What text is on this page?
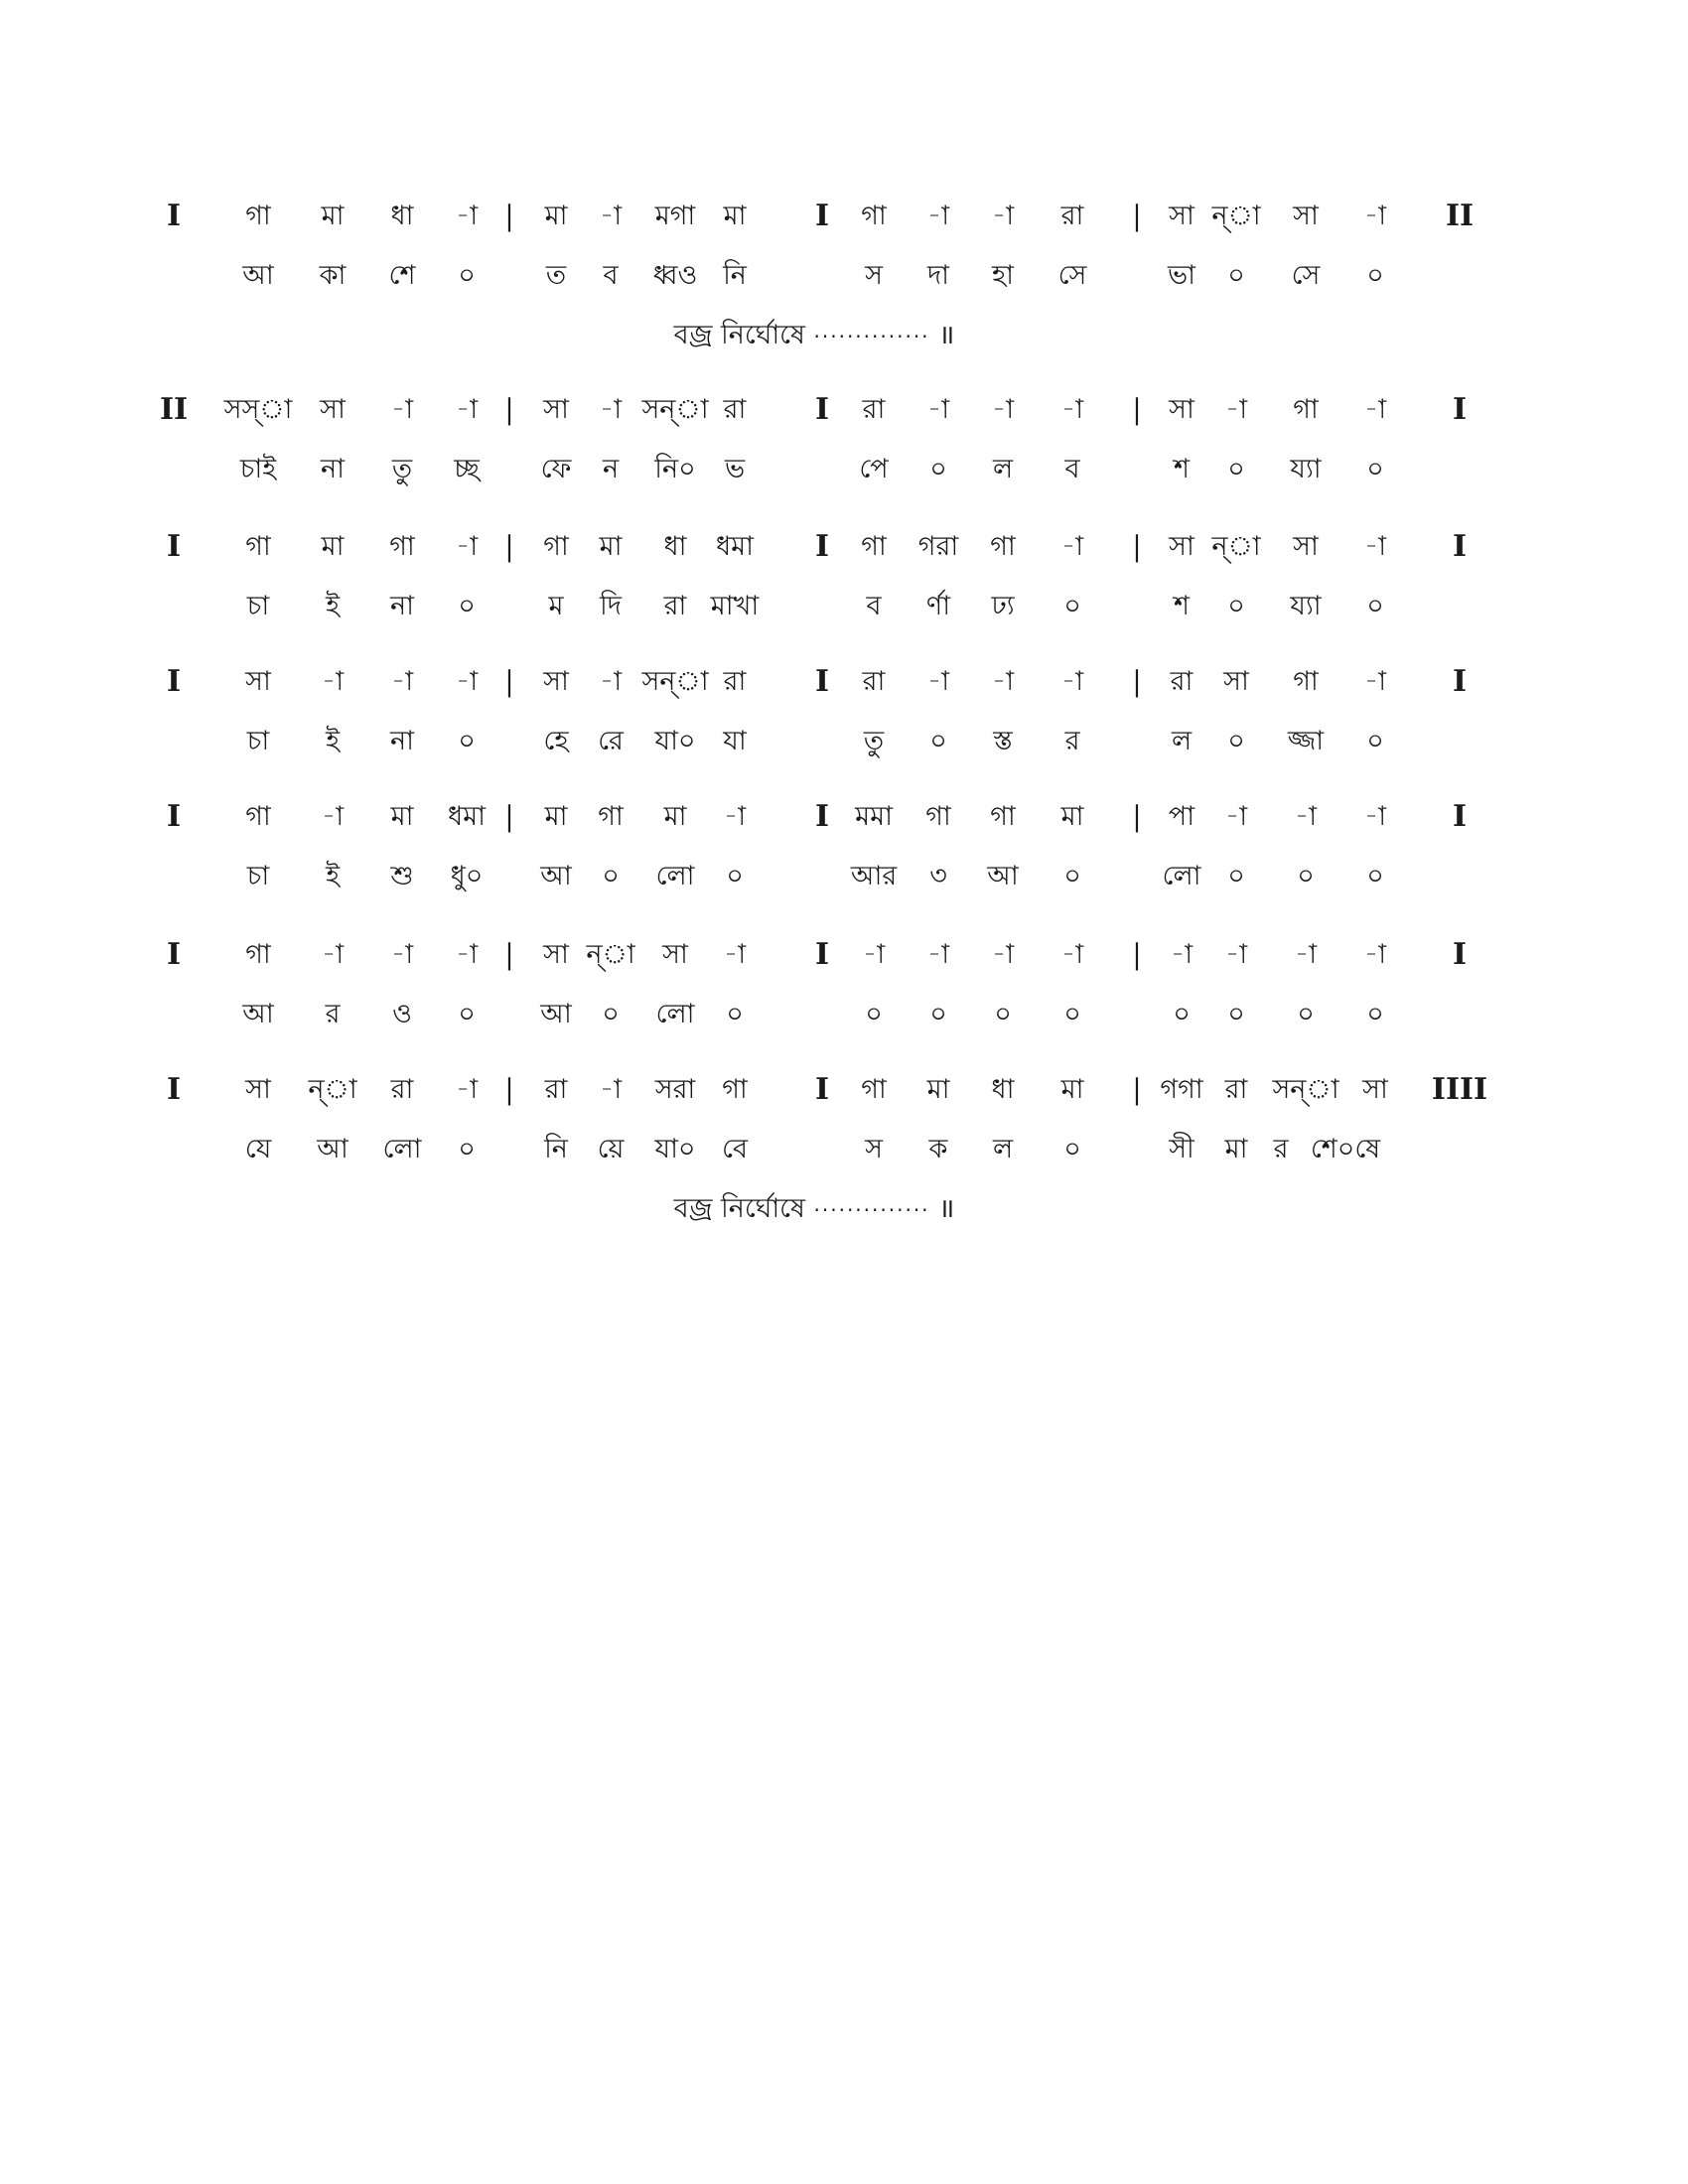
I গা মা ধা -া | মা -া মগা মা I গা -া -া রা | সা ন্া সা -া II
আ কা শে ০	ত ব ধ্বও নি	স দা হা সে	ভা ০ সে ০
বজ্র নির্ঘোষে ·············· ॥
II সস্া সা -া -া | সা -া সন্া রা I রা -া -া -া | সা -া গা -া I
চাই না তু চ্ছ ফে ন নি০ ভ	পে ০ ল ব	শ ০ য্যা ০
I গা মা গা -া | গা মা ধা ধমা I গা গরা গা -া | সা ন্া সা -া I
চা ই না ০	ম দি রা মাখা	ব র্ণা ঢ্য ০	শ ০ য্যা ০
I সা -া -া -া | সা -া সন্া রা I রা -া -া -া | রা সা গা -া I
চা ই না ০	হে রে যা০ যা	তু ০ স্ত র	ল ০ জ্জা ০
I গা -া মা ধমা | মা গা মা -া I মমা গা গা মা | পা -া -া -া I
চা ই শু ধু০ আ ০ লো ০	আর ৩ আ ০	লো ০ ০ ০
I গা -া -া -া | সা ন্া সা -া I -া -া -া -া | -া -া -া -া I
আ র ও ০ আ ০ লো ০	০ ০ ০ ০	০ ০ ০ ০
I সা ন্া রা -া | রা -া সরা গা I গা মা ধা মা | গগা রা সন্া সা IIII
যে আ লো ০	নি য়ে যা০ বে	স ক ল ০	সী মা র শে০ষে
বজ্র নির্ঘোষে ·············· ॥
